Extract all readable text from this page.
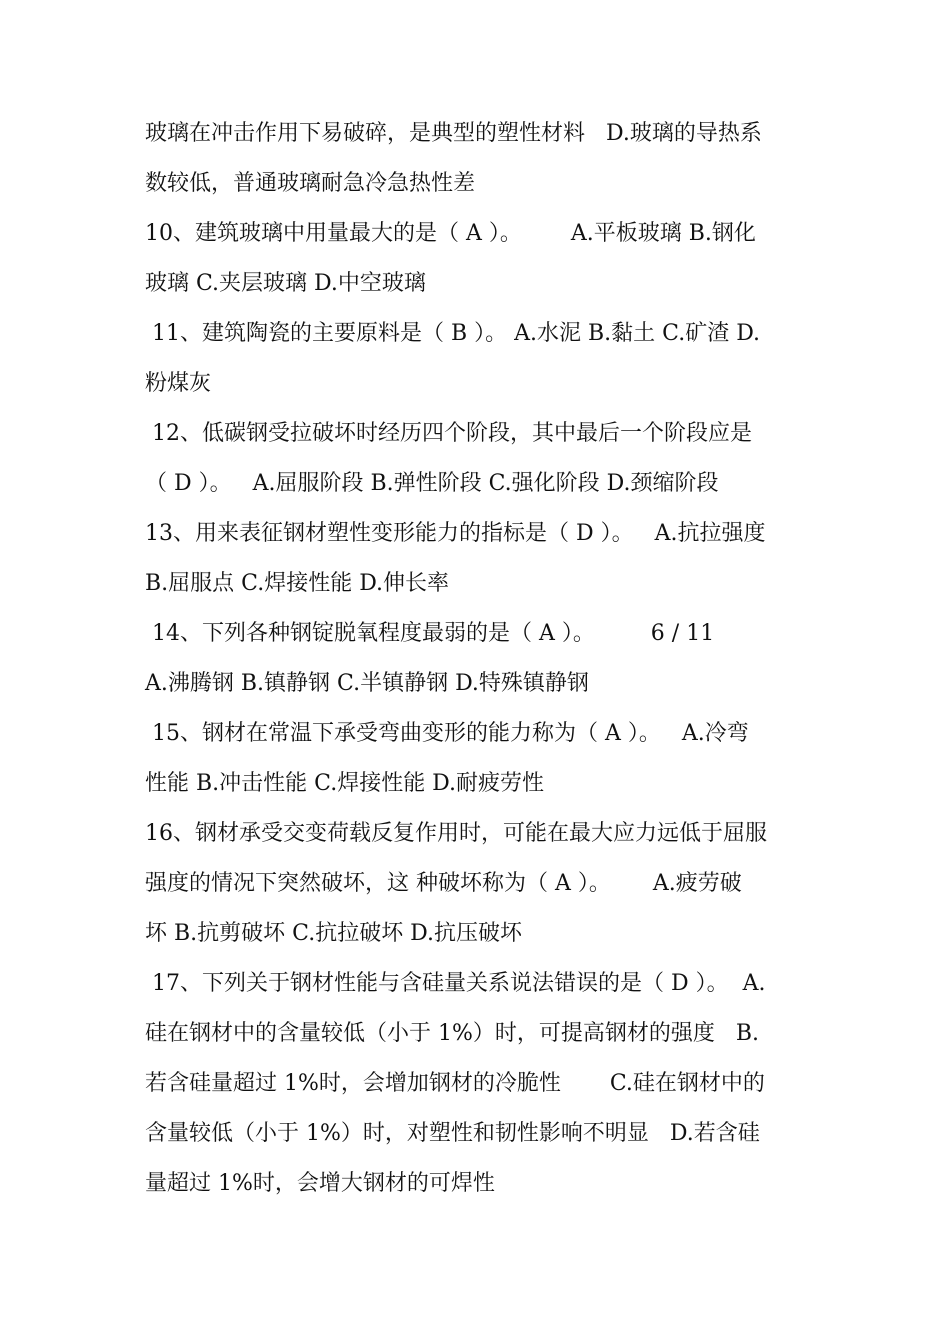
玻璃在冲击作用下易破碎，是典型的塑性材料   D.玻璃的导热系
数较低，普通玻璃耐急冷急热性差
10、建筑玻璃中用量最大的是（ A ）。       A.平板玻璃 B.钢化
玻璃 C.夹层玻璃 D.中空玻璃
11、建筑陶瓷的主要原料是（ B ）。 A.水泥 B.黏土 C.矿渣 D.
粉煤灰
12、低碳钢受拉破坏时经历四个阶段，其中最后一个阶段应是
（ D ）。   A.屈服阶段 B.弹性阶段 C.强化阶段 D.颈缩阶段
13、用来表征钢材塑性变形能力的指标是（ D ）。   A.抗拉强度
B.屈服点 C.焊接性能 D.伸长率
14、下列各种钢锭脱氧程度最弱的是（ A ）。        6 / 11
A.沸腾钢 B.镇静钢 C.半镇静钢 D.特殊镇静钢
15、钢材在常温下承受弯曲变形的能力称为（ A ）。   A.冷弯
性能 B.冲击性能 C.焊接性能 D.耐疲劳性
16、钢材承受交变荷载反复作用时，可能在最大应力远低于屈服
强度的情况下突然破坏，这 种破坏称为（ A ）。      A.疲劳破
坏 B.抗剪破坏 C.抗拉破坏 D.抗压破坏
17、下列关于钢材性能与含硅量关系说法错误的是（ D ）。  A.
硅在钢材中的含量较低（小于 1%）时，可提高钢材的强度   B.
若含硅量超过 1%时，会增加钢材的冷脆性       C.硅在钢材中的
含量较低（小于 1%）时，对塑性和韧性影响不明显   D.若含硅
量超过 1%时，会增大钢材的可焊性
